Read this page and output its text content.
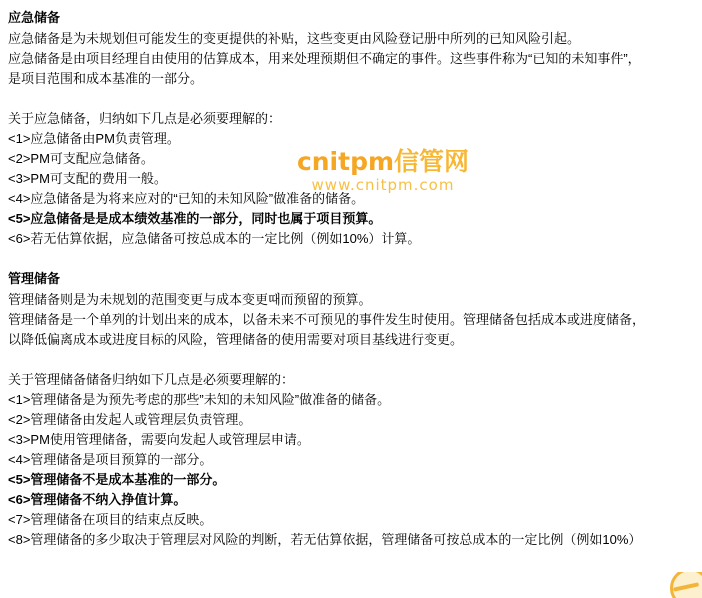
应急储备

应急储备是为未规划但可能发生的变更提供的补贴，这些变更由风险登记册中所列的已知风险引起。

应急储备是由项目经理自由使用的估算成本，用来处理预期但不确定的事件。这些事件称为“已知的未知事件”，

是项目范围和成本基准的一部分。

关于应急储备，归纳如下几点是必须要理解的：

<1>应急储备由PM负责管理。

<2>PM可支配应急储备。

<3>PM可支配的费用一般。

<4>应急储备是为将来应对的“已知的未知风险”做准备的储备。

<5>应急储备是是成本绩效基准的一部分，同时也属于项目预算。

<6>若无估算依据，应急储备可按总成本的一定比例（例如10%）计算。

管理储备

管理储备则是为未规划的范围变更与成本变更때而预留的预算。

管理储备是一个单列的计划出来的成本，以备未来不可预见的事件发生时使用。管理储备包括成本或进度储备，

以降低偏离成本或进度目标的风险，管理储备的使用需要对项目基线进行变更。

关于管理储备储备归纳如下几点是必须要理解的：

<1>管理储备是为预先考虑的那些”未知的未知风险”做准备的储备。

<2>管理储备由发起人或管理层负责管理。

<3>PM使用管理储备，需要向发起人或管理层申请。

<4>管理储备是项目预算的一部分。

<5>管理储备不是成本基准的一部分。

<6>管理储备不纳入挣值计算。

<7>管理储备在项目的结束点反映。

<8>管理储备的多少取决于管理层对风险的判断，若无估算依据，管理储备可按总成本的一定比例（例如10%）

cnitpm信管网
www.cnitpm.com
